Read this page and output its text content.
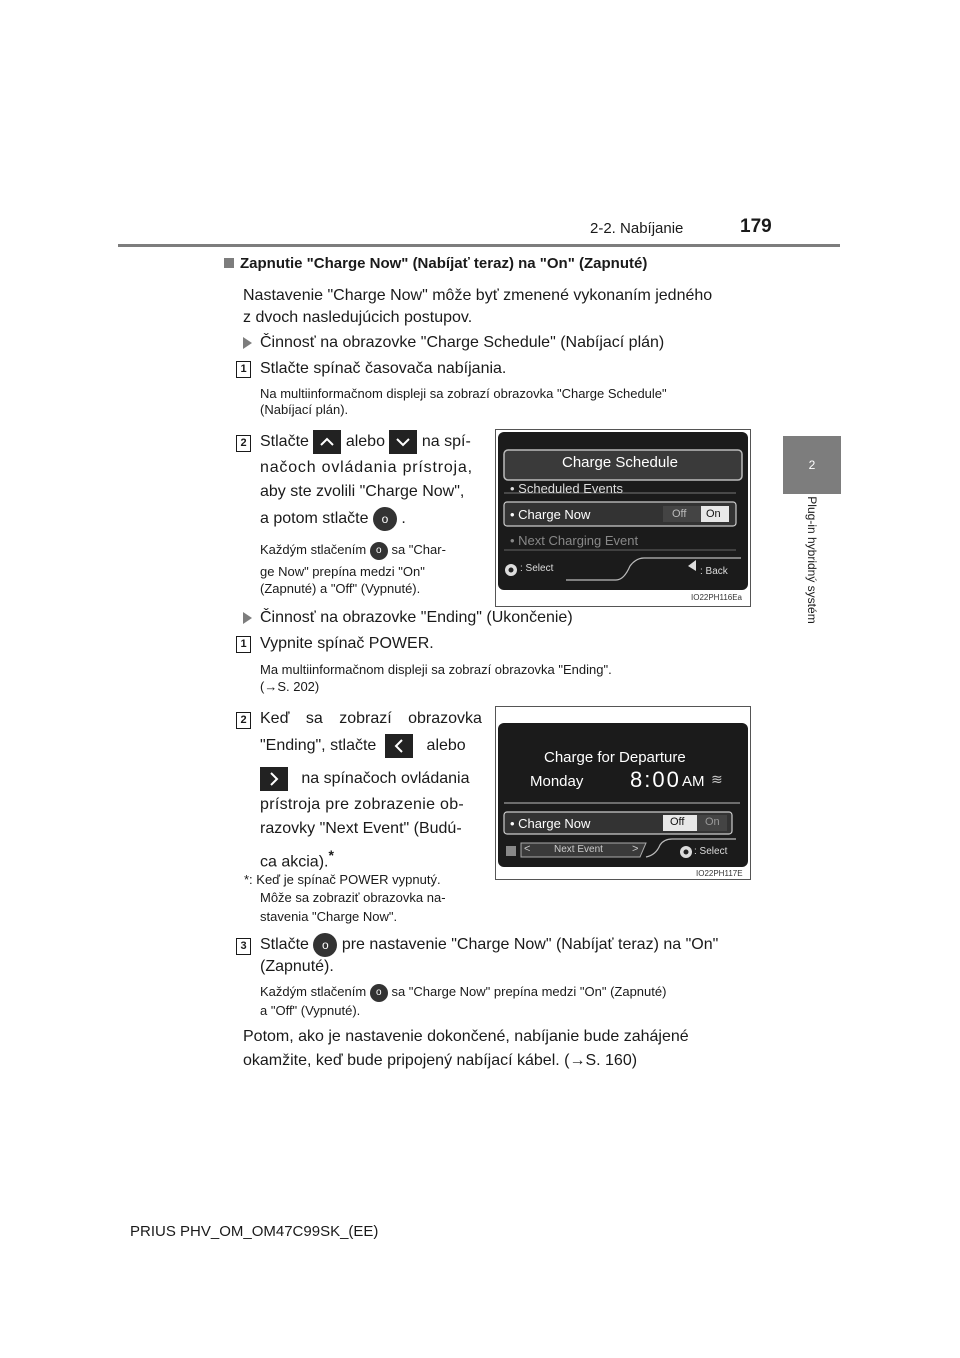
2-2. Nabíjanie	179
2
Plug-in hybridný systém
Zapnutie "Charge Now" (Nabíjať teraz) na "On" (Zapnuté)
Nastavenie "Charge Now" môže byť zmenené vykonaním jedného
z dvoch nasledujúcich postupov.
Činnosť na obrazovke "Charge Schedule" (Nabíjací plán)
1 Stlačte spínač časovača nabíjania.
Na multiinformačnom displeji sa zobrazí obrazovka "Charge Schedule"
(Nabíjací plán).
2 Stlačte alebo na spí-
načoch ovládania prístroja,
aby ste zvolili "Charge Now",
a potom stlačte o .
Každým stlačením o sa "Char-
ge Now" prepína medzi "On"
(Zapnuté) a "Off" (Vypnuté).
Charge Schedule
• Scheduled Events
• Charge Now	Off On
• Next Charging Event
: Select	: Back
IO22PH116Ea
Činnosť na obrazovke "Ending" (Ukončenie)
1 Vypnite spínač POWER.
Ma multiinformačnom displeji sa zobrazí obrazovka "Ending".
(→S. 202)
2 Keď sa zobrazí obrazovka
"Ending", stlačte	alebo
na spínačoch ovládania
prístroja pre zobrazenie ob-
razovky "Next Event" (Budú-
ca akcia).*
*: Keď je spínač POWER vypnutý.
Môže sa zobraziť obrazovka na-
stavenia "Charge Now".
Charge for Departure
Monday 8:00 AM ≋
• Charge Now	Off On
< Next Event	>	: Select
IO22PH117E
3 Stlačte o pre nastavenie "Charge Now" (Nabíjať teraz) na "On"
(Zapnuté).
Každým stlačením o sa "Charge Now" prepína medzi "On" (Zapnuté)
a "Off" (Vypnuté).
Potom, ako je nastavenie dokončené, nabíjanie bude zahájené
okamžite, keď bude pripojený nabíjací kábel. (→S. 160)
PRIUS PHV_OM_OM47C99SK_(EE)
